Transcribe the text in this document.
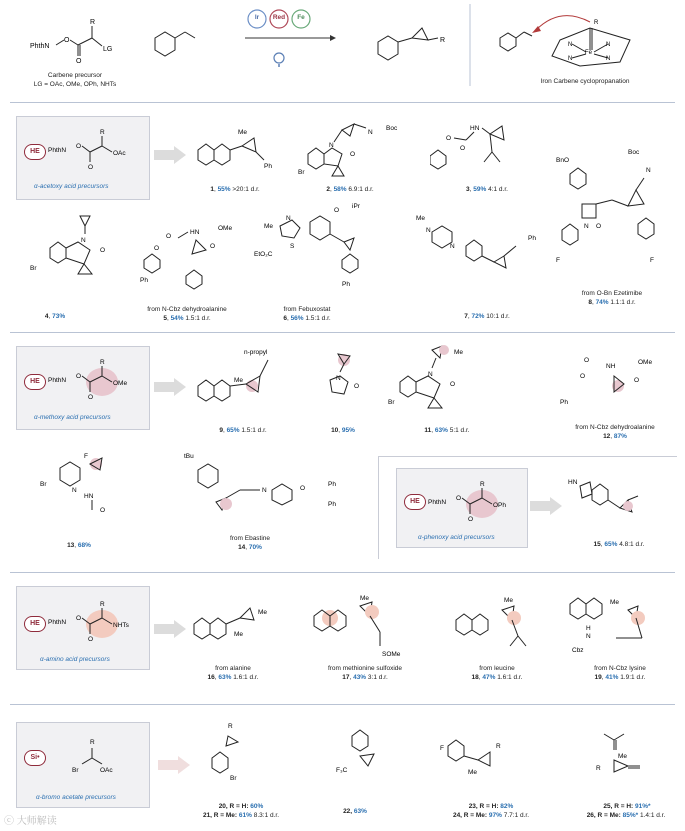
PhthN
O
O
R
LG
R
N	N
N	N
Fe
R
Ir	Red	Fe
Carbene precursor
LG = OAc, OMe, OPh, NHTs	Iron Carbene cyclopropanation
HE	PhthN
O
O
R
OAc
α-acetoxy acid precursors
Me
Ph
1, 55% >20:1 d.r.
Br
N
O
N
Boc
2, 58% 6.9:1 d.r.
HN
O
O
3, 59% 4:1 d.r.
BnO
Boc
N
O
N
F	F
from O-Bn Ezetimibe
8, 74% 1.1:1 d.r.
N
O
Br
4, 73%
HN
OMe
O
O
O
Ph
from N-Cbz dehydroalanine
5, 54% 1.5:1 d.r.
O
iPr
N
S
Me
EtO₂C
Ph
from Febuxostat
6, 56% 1.5:1 d.r.
Me
N
N
Ph
7, 72% 10:1 d.r.
HE	PhthN
O
O
R
OMe
α-methoxy acid precursors
n-propyl
Me
9, 65% 1.5:1 d.r.
N
O
10, 95%
Me
N
O
Br
11, 63% 5:1 d.r.
NH
OMe
O
O
O
Ph
from N-Cbz dehydroalanine
12, 87%
F
Br
N
HN
O
13, 68%
tBu
N	O
Ph
Ph
from Ebastine
14, 70%
HE	PhthN
O
O
R
OPh
α-phenoxy acid precursors
HN
15, 65% 4.8:1 d.r.
HE	PhthN
O
O
R
NHTs
α-amino acid precursors
Me
Me
from alanine
16, 63% 1.6:1 d.r.
Me
SOMe
from methionine sulfoxide
17, 43% 3:1 d.r.
Me
from leucine
18, 47% 1.6:1 d.r.
Me
H
N
Cbz
from N-Cbz lysine
19, 41% 1.9:1 d.r.
Si•
R
Br	OAc
α-bromo acetate precursors
R
Br
20, R = H: 60%
21, R = Me: 61% 8.3:1 d.r.
F₃C
22, 63%
F	R
Me
23, R = H: 82%
24, R = Me: 97% 7.7:1 d.r.
Me
R
25, R = H: 91%*
26, R = Me: 85%* 1.4:1 d.r.
ⓒ 大师解读
